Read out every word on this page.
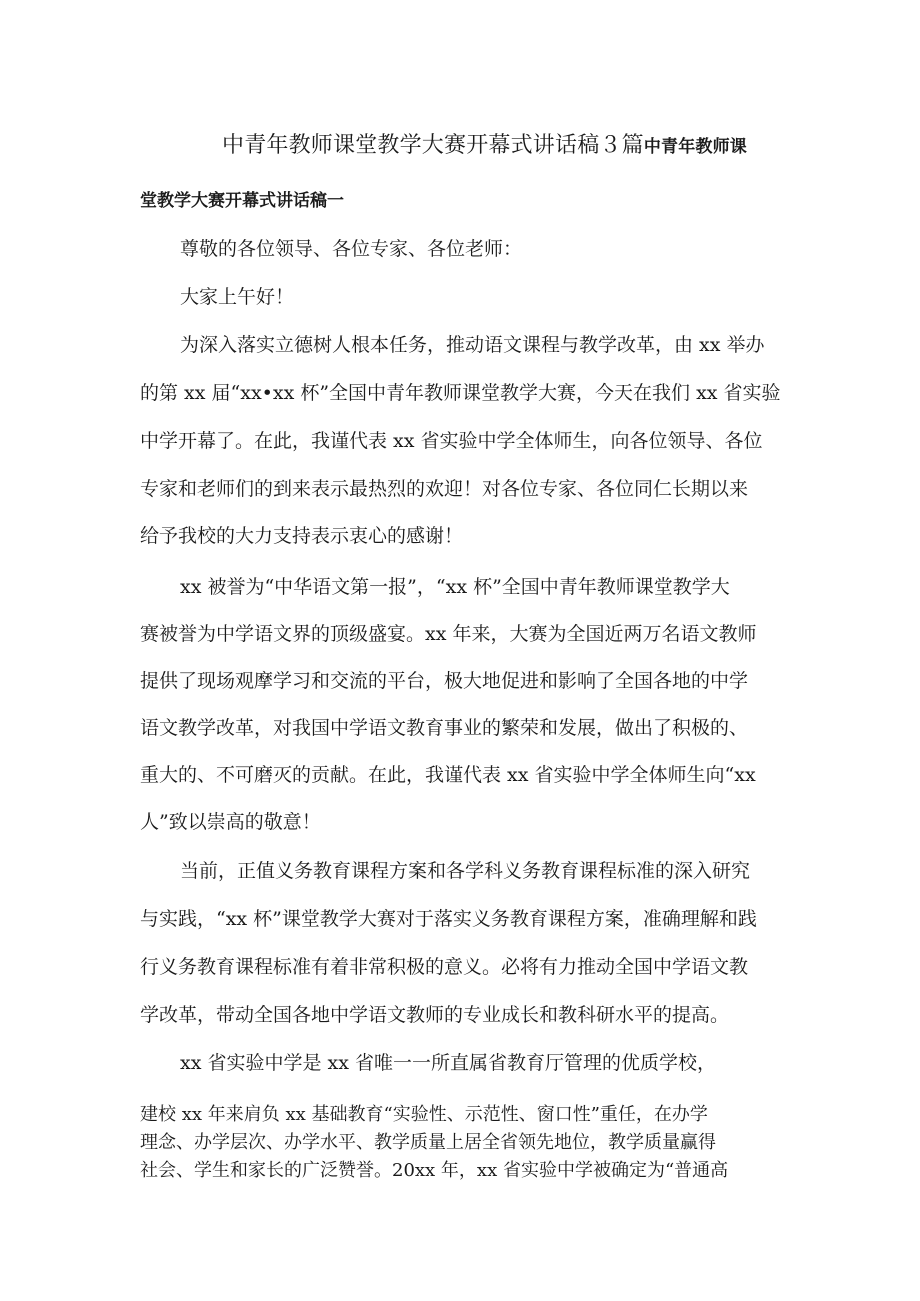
中青年教师课堂教学大赛开幕式讲话稿３篇中青年教师课
堂教学大赛开幕式讲话稿一
尊敬的各位领导、各位专家、各位老师：
大家上午好！
为深入落实立德树人根本任务，推动语文课程与教学改革，由 xx 举办
的第 xx 届“xx•xx 杯”全国中青年教师课堂教学大赛，今天在我们 xx 省实验
中学开幕了。在此，我谨代表 xx 省实验中学全体师生，向各位领导、各位
专家和老师们的到来表示最热烈的欢迎！对各位专家、各位同仁长期以来
给予我校的大力支持表示衷心的感谢！
xx 被誉为“中华语文第一报”，“xx 杯”全国中青年教师课堂教学大
赛被誉为中学语文界的顶级盛宴。xx 年来，大赛为全国近两万名语文教师
提供了现场观摩学习和交流的平台，极大地促进和影响了全国各地的中学
语文教学改革，对我国中学语文教育事业的繁荣和发展，做出了积极的、
重大的、不可磨灭的贡献。在此，我谨代表 xx 省实验中学全体师生向“xx
人”致以崇高的敬意！
当前，正值义务教育课程方案和各学科义务教育课程标准的深入研究
与实践，“xx 杯”课堂教学大赛对于落实义务教育课程方案，准确理解和践
行义务教育课程标准有着非常积极的意义。必将有力推动全国中学语文教
学改革，带动全国各地中学语文教师的专业成长和教科研水平的提高。
xx 省实验中学是 xx 省唯一一所直属省教育厅管理的优质学校，
建校 xx 年来肩负 xx 基础教育“实验性、示范性、窗口性”重任，在办学
理念、办学层次、办学水平、教学质量上居全省领先地位，教学质量赢得
社会、学生和家长的广泛赞誉。20xx 年，xx 省实验中学被确定为“普通高
